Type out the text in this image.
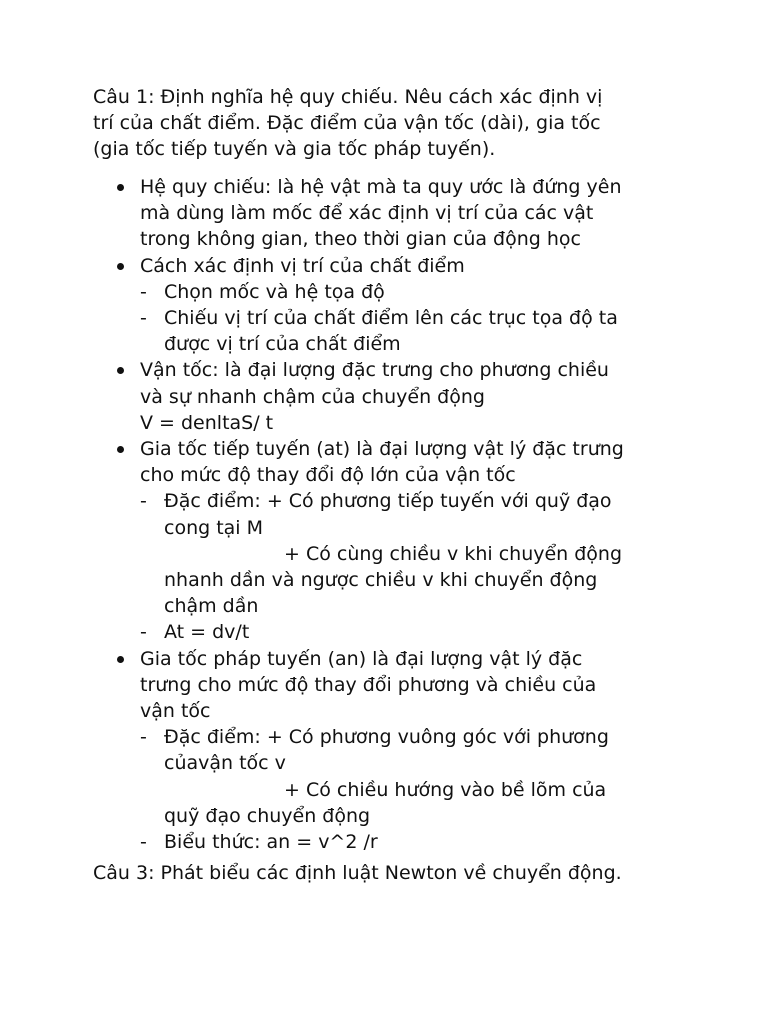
Câu 1: Định nghĩa hệ quy chiếu. Nêu cách xác định vị
trí của chất điểm. Đặc điểm của vận tốc (dài), gia tốc
(gia tốc tiếp tuyến và gia tốc pháp tuyến).
Hệ quy chiếu: là hệ vật mà ta quy ước là đứng yên
mà dùng làm mốc để xác định vị trí của các vật
trong không gian, theo thời gian của động học
Cách xác định vị trí của chất điểm
- Chọn mốc và hệ tọa độ
- Chiếu vị trí của chất điểm lên các trục tọa độ ta
được vị trí của chất điểm
Vận tốc: là đại lượng đặc trưng cho phương chiều
và sự nhanh chậm của chuyển động
V = denltaS/ t
Gia tốc tiếp tuyến (at) là đại lượng vật lý đặc trưng
cho mức độ thay đổi độ lớn của vận tốc
- Đặc điểm: + Có phương tiếp tuyến với quỹ đạo
cong tại M
+ Có cùng chiều v khi chuyển động
nhanh dần và ngược chiều v khi chuyển động
chậm dần
- At = dv/t
Gia tốc pháp tuyến (an) là đại lượng vật lý đặc
trưng cho mức độ thay đổi phương và chiều của
vận tốc
- Đặc điểm: + Có phương vuông góc với phương
củavận tốc v
+ Có chiều hướng vào bề lõm của
quỹ đạo chuyển động
- Biểu thức: an = v^2 /r
Câu 3: Phát biểu các định luật Newton về chuyển động.
